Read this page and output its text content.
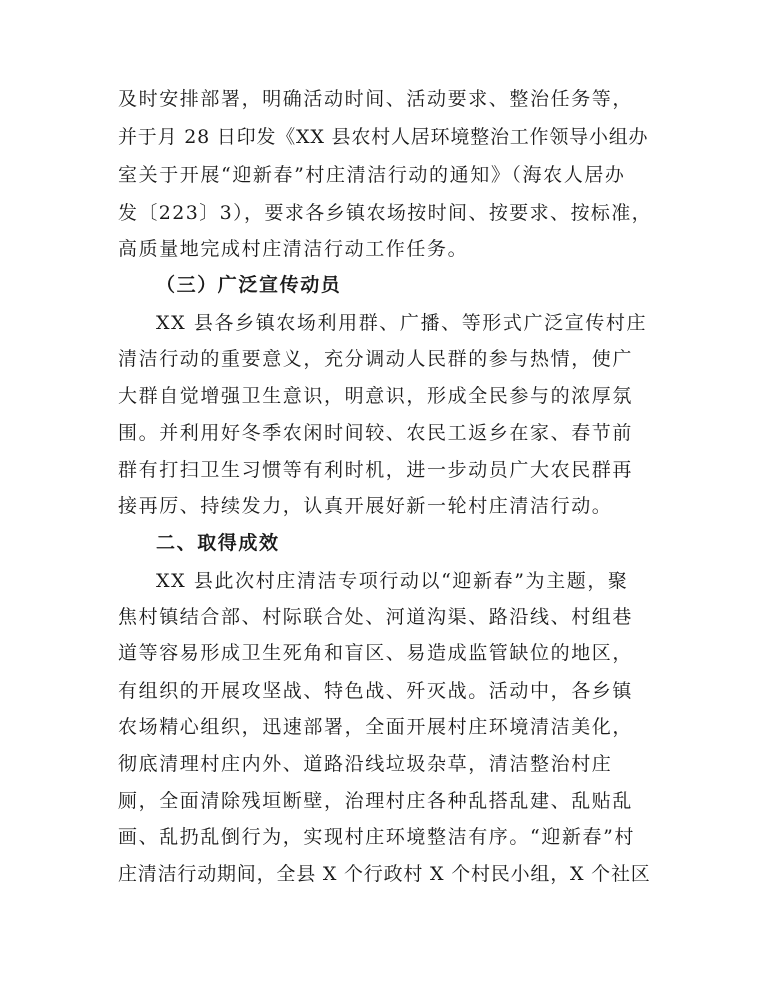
及时安排部署，明确活动时间、活动要求、整治任务等，
并于月 28 日印发《XX 县农村人居环境整治工作领导小组办
室关于开展“迎新春”村庄清洁行动的通知》（海农人居办
发〔223〕3），要求各乡镇农场按时间、按要求、按标准，
高质量地完成村庄清洁行动工作任务。
（三）广泛宣传动员
XX 县各乡镇农场利用群、广播、等形式广泛宣传村庄
清洁行动的重要意义，充分调动人民群的参与热情，使广
大群自觉增强卫生意识，明意识，形成全民参与的浓厚氛
围。并利用好冬季农闲时间较、农民工返乡在家、春节前
群有打扫卫生习惯等有利时机，进一步动员广大农民群再
接再厉、持续发力，认真开展好新一轮村庄清洁行动。
二、取得成效
XX 县此次村庄清洁专项行动以“迎新春”为主题，聚
焦村镇结合部、村际联合处、河道沟渠、路沿线、村组巷
道等容易形成卫生死角和盲区、易造成监管缺位的地区，
有组织的开展攻坚战、特色战、歼灭战。活动中，各乡镇
农场精心组织，迅速部署，全面开展村庄环境清洁美化，
彻底清理村庄内外、道路沿线垃圾杂草，清洁整治村庄
厕，全面清除残垣断壁，治理村庄各种乱搭乱建、乱贴乱
画、乱扔乱倒行为，实现村庄环境整洁有序。“迎新春”村
庄清洁行动期间，全县 X 个行政村 X 个村民小组，X 个社区
